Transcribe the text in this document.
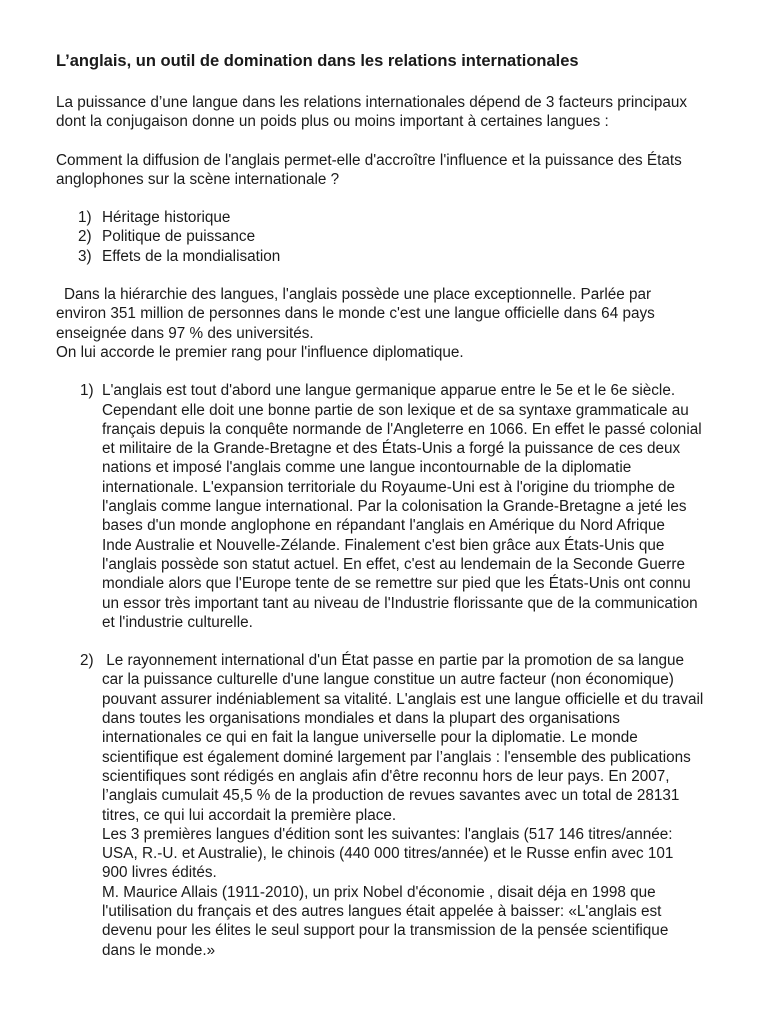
L’anglais, un outil de domination dans les relations internationales
La puissance d’une langue dans les relations internationales dépend de 3 facteurs principaux
dont la conjugaison donne un poids plus ou moins important à certaines langues :
Comment la diffusion de l'anglais permet-elle d'accroître l'influence et la puissance des États
anglophones sur la scène internationale ?
1) Héritage historique
2) Politique de puissance
3) Effets de la mondialisation
Dans la hiérarchie des langues, l'anglais possède une place exceptionnelle. Parlée par
environ 351 million de personnes dans le monde c'est une langue officielle dans 64 pays
enseignée dans 97 % des universités.
On lui accorde le premier rang pour l'influence diplomatique.
1) L'anglais est tout d'abord une langue germanique apparue entre le 5e et le 6e siècle.
Cependant elle doit une bonne partie de son lexique et de sa syntaxe grammaticale au
français depuis la conquête normande de l'Angleterre en 1066. En effet le passé colonial
et militaire de la Grande-Bretagne et des États-Unis a forgé la puissance de ces deux
nations et imposé l'anglais comme une langue incontournable de la diplomatie
internationale. L'expansion territoriale du Royaume-Uni est à l'origine du triomphe de
l'anglais comme langue international. Par la colonisation la Grande-Bretagne a jeté les
bases d'un monde anglophone en répandant l'anglais en Amérique du Nord Afrique
Inde Australie et Nouvelle-Zélande. Finalement c'est bien grâce aux États-Unis que
l'anglais possède son statut actuel. En effet, c'est au lendemain de la Seconde Guerre
mondiale alors que l'Europe tente de se remettre sur pied que les États-Unis ont connu
un essor très important tant au niveau de l'Industrie florissante que de la communication
et l'industrie culturelle.

2) Le rayonnement international d'un État passe en partie par la promotion de sa langue
car la puissance culturelle d'une langue constitue un autre facteur (non économique)
pouvant assurer indéniablement sa vitalité. L'anglais est une langue officielle et du travail
dans toutes les organisations mondiales et dans la plupart des organisations
internationales ce qui en fait la langue universelle pour la diplomatie. Le monde
scientifique est également dominé largement par l’anglais : l'ensemble des publications
scientifiques sont rédigés en anglais afin d'être reconnu hors de leur pays. En 2007,
l’anglais cumulait 45,5 % de la production de revues savantes avec un total de 28131
titres, ce qui lui accordait la première place.
Les 3 premières langues d'édition sont les suivantes: l'anglais (517 146 titres/année:
USA, R.-U. et Australie), le chinois (440 000 titres/année) et le Russe enfin avec 101
900 livres édités.
M. Maurice Allais (1911-2010), un prix Nobel d'économie , disait déja en 1998 que
l'utilisation du français et des autres langues était appelée à baisser: «L'anglais est
devenu pour les élites le seul support pour la transmission de la pensée scientifique
dans le monde.»
